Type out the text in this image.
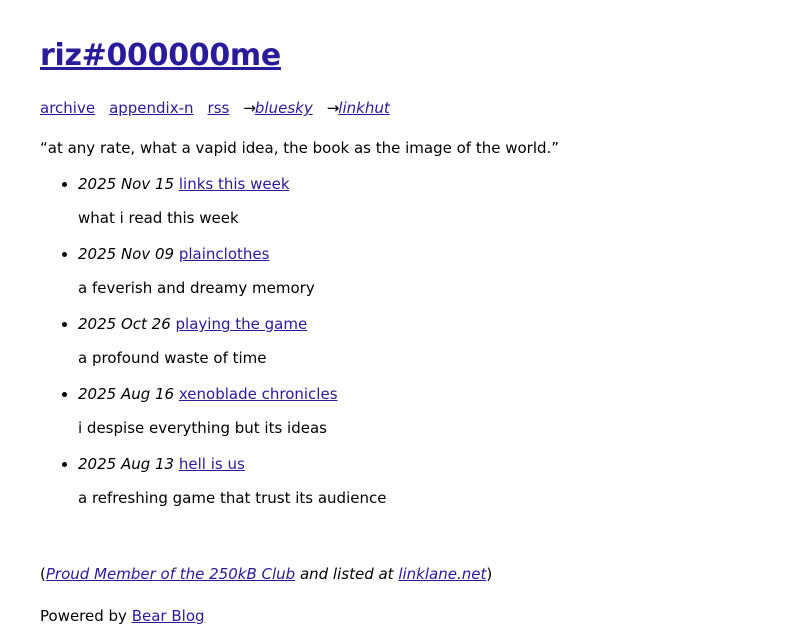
riz#000000me
archive appendix-n rss →bluesky →linkhut

“at any rate, what a vapid idea, the book as the image of the world.”

• 2025 Nov 15 links this week
what i read this week
• 2025 Nov 09 plainclothes
a feverish and dreamy memory
• 2025 Oct 26 playing the game
a profound waste of time
• 2025 Aug 16 xenoblade chronicles
i despise everything but its ideas
• 2025 Aug 13 hell is us
a refreshing game that trust its audience

(Proud Member of the 250kB Club and listed at linklane.net)

Powered by Bear Blog
